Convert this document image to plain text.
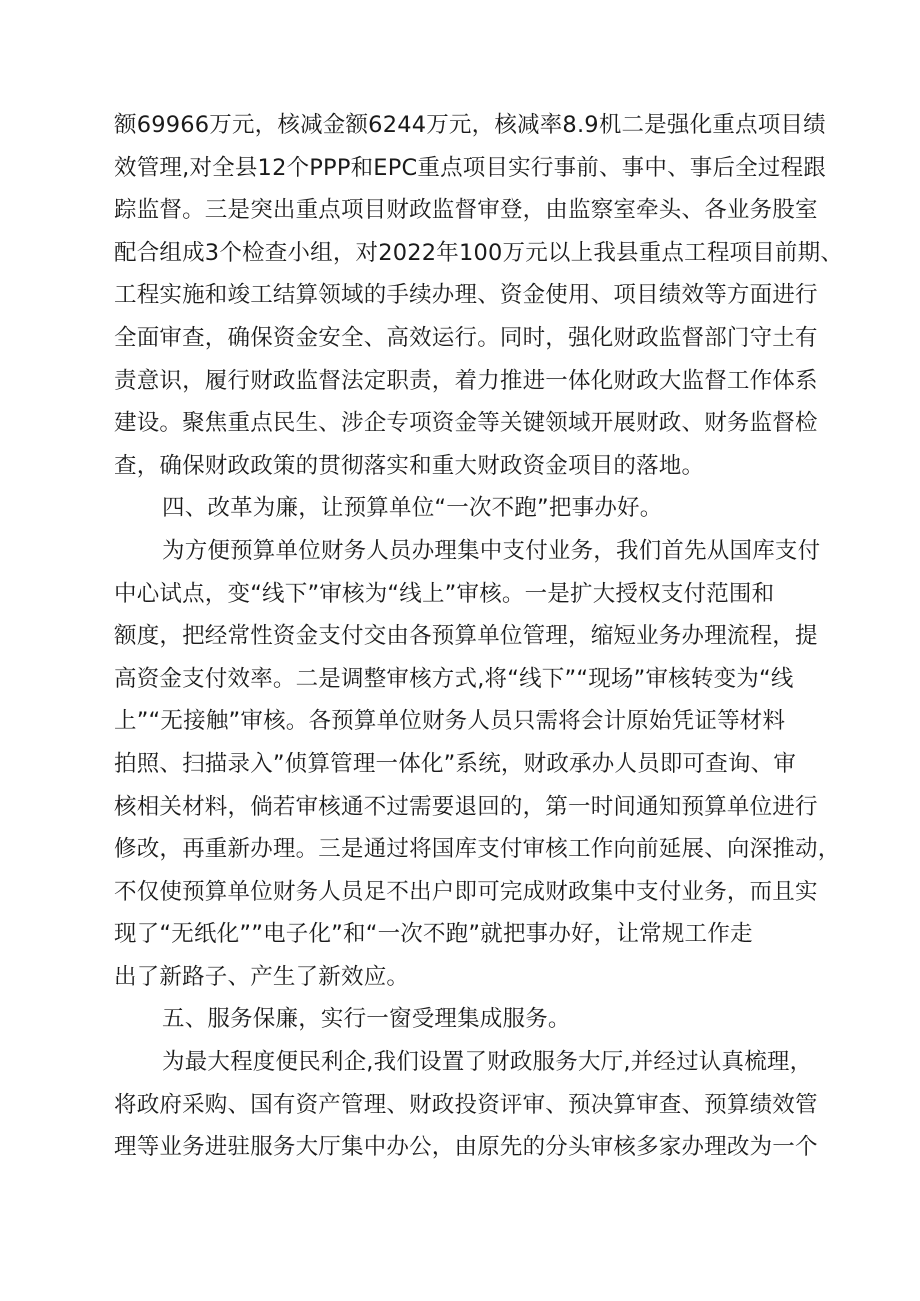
额69966万元，核减金额6244万元，核减率8.9机二是强化重点项目绩
效管理,对全县12个PPP和EPC重点项目实行事前、事中、事后全过程跟
踪监督。三是突出重点项目财政监督审登，由监察室牵头、各业务股室
配合组成3个检查小组，对2022年100万元以上我县重点工程项目前期、
工程实施和竣工结算领域的手续办理、资金使用、项目绩效等方面进行
全面审查，确保资金安全、高效运行。同时，强化财政监督部门守土有
责意识，履行财政监督法定职责，着力推进一体化财政大监督工作体系
建设。聚焦重点民生、涉企专项资金等关键领域开展财政、财务监督检
查，确保财政政策的贯彻落实和重大财政资金项目的落地。
四、改革为廉，让预算单位“一次不跑”把事办好。
为方便预算单位财务人员办理集中支付业务，我们首先从国库支付
中心试点，变“线下”审核为“线上”审核。一是扩大授权支付范围和
额度，把经常性资金支付交由各预算单位管理，缩短业务办理流程，提
高资金支付效率。二是调整审核方式,将“线下”“现场”审核转变为“线
上”“无接触”审核。各预算单位财务人员只需将会计原始凭证等材料
拍照、扫描录入”侦算管理一体化”系统，财政承办人员即可查询、审
核相关材料，倘若审核通不过需要退回的，第一时间通知预算单位进行
修改，再重新办理。三是通过将国库支付审核工作向前延展、向深推动，
不仅使预算单位财务人员足不出户即可完成财政集中支付业务，而且实
现了“无纸化””电子化”和“一次不跑”就把事办好，让常规工作走
出了新路子、产生了新效应。
五、服务保廉，实行一窗受理集成服务。
为最大程度便民利企,我们设置了财政服务大厅,并经过认真梳理，
将政府采购、国有资产管理、财政投资评审、预决算审查、预算绩效管
理等业务进驻服务大厅集中办公，由原先的分头审核多家办理改为一个
